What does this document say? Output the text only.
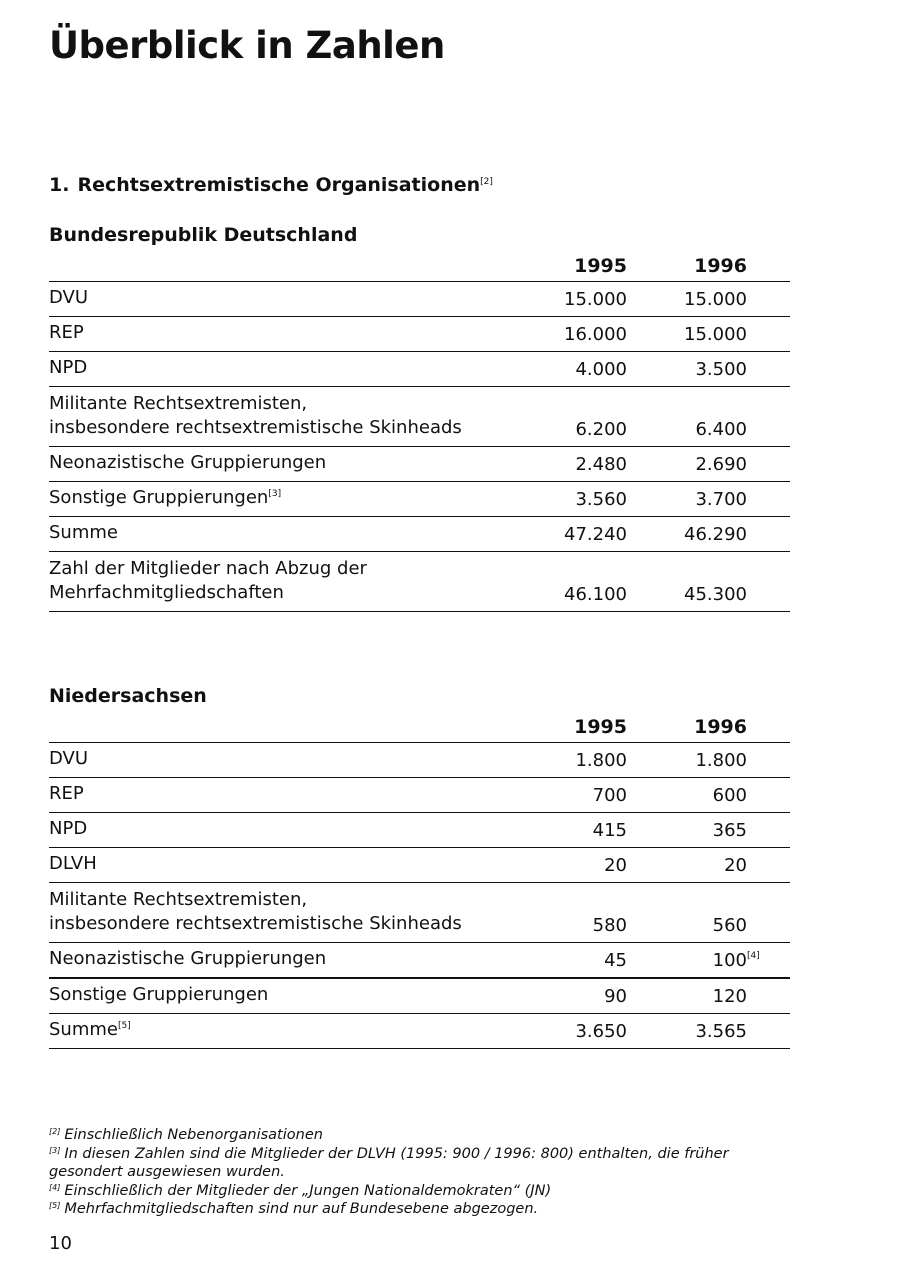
Überblick in Zahlen
1. Rechtsextremistische Organisationen[2]
Bundesrepublik Deutschland
	1995	1996
DVU	15.000	15.000
REP	16.000	15.000
NPD	4.000	3.500
Militante Rechtsextremisten,
insbesondere rechtsextremistische Skinheads	6.200	6.400
Neonazistische Gruppierungen	2.480	2.690
Sonstige Gruppierungen[3]	3.560	3.700
Summe	47.240	46.290
Zahl der Mitglieder nach Abzug der
Mehrfachmitgliedschaften	46.100	45.300
Niedersachsen
	1995	1996
DVU	1.800	1.800
REP	700	600
NPD	415	365
DLVH	20	20
Militante Rechtsextremisten,
insbesondere rechtsextremistische Skinheads	580	560
Neonazistische Gruppierungen	45	100 [4]

Sonstige Gruppierungen	90	120
Summe[5]	3.650	3.565
[2] Einschließlich Nebenorganisationen
[3] In diesen Zahlen sind die Mitglieder der DLVH (1995: 900 / 1996: 800) enthalten, die früher gesondert ausgewiesen wurden.
[4] Einschließlich der Mitglieder der „Jungen Nationaldemokraten“ (JN)
[5] Mehrfachmitgliedschaften sind nur auf Bundesebene abgezogen.
10
